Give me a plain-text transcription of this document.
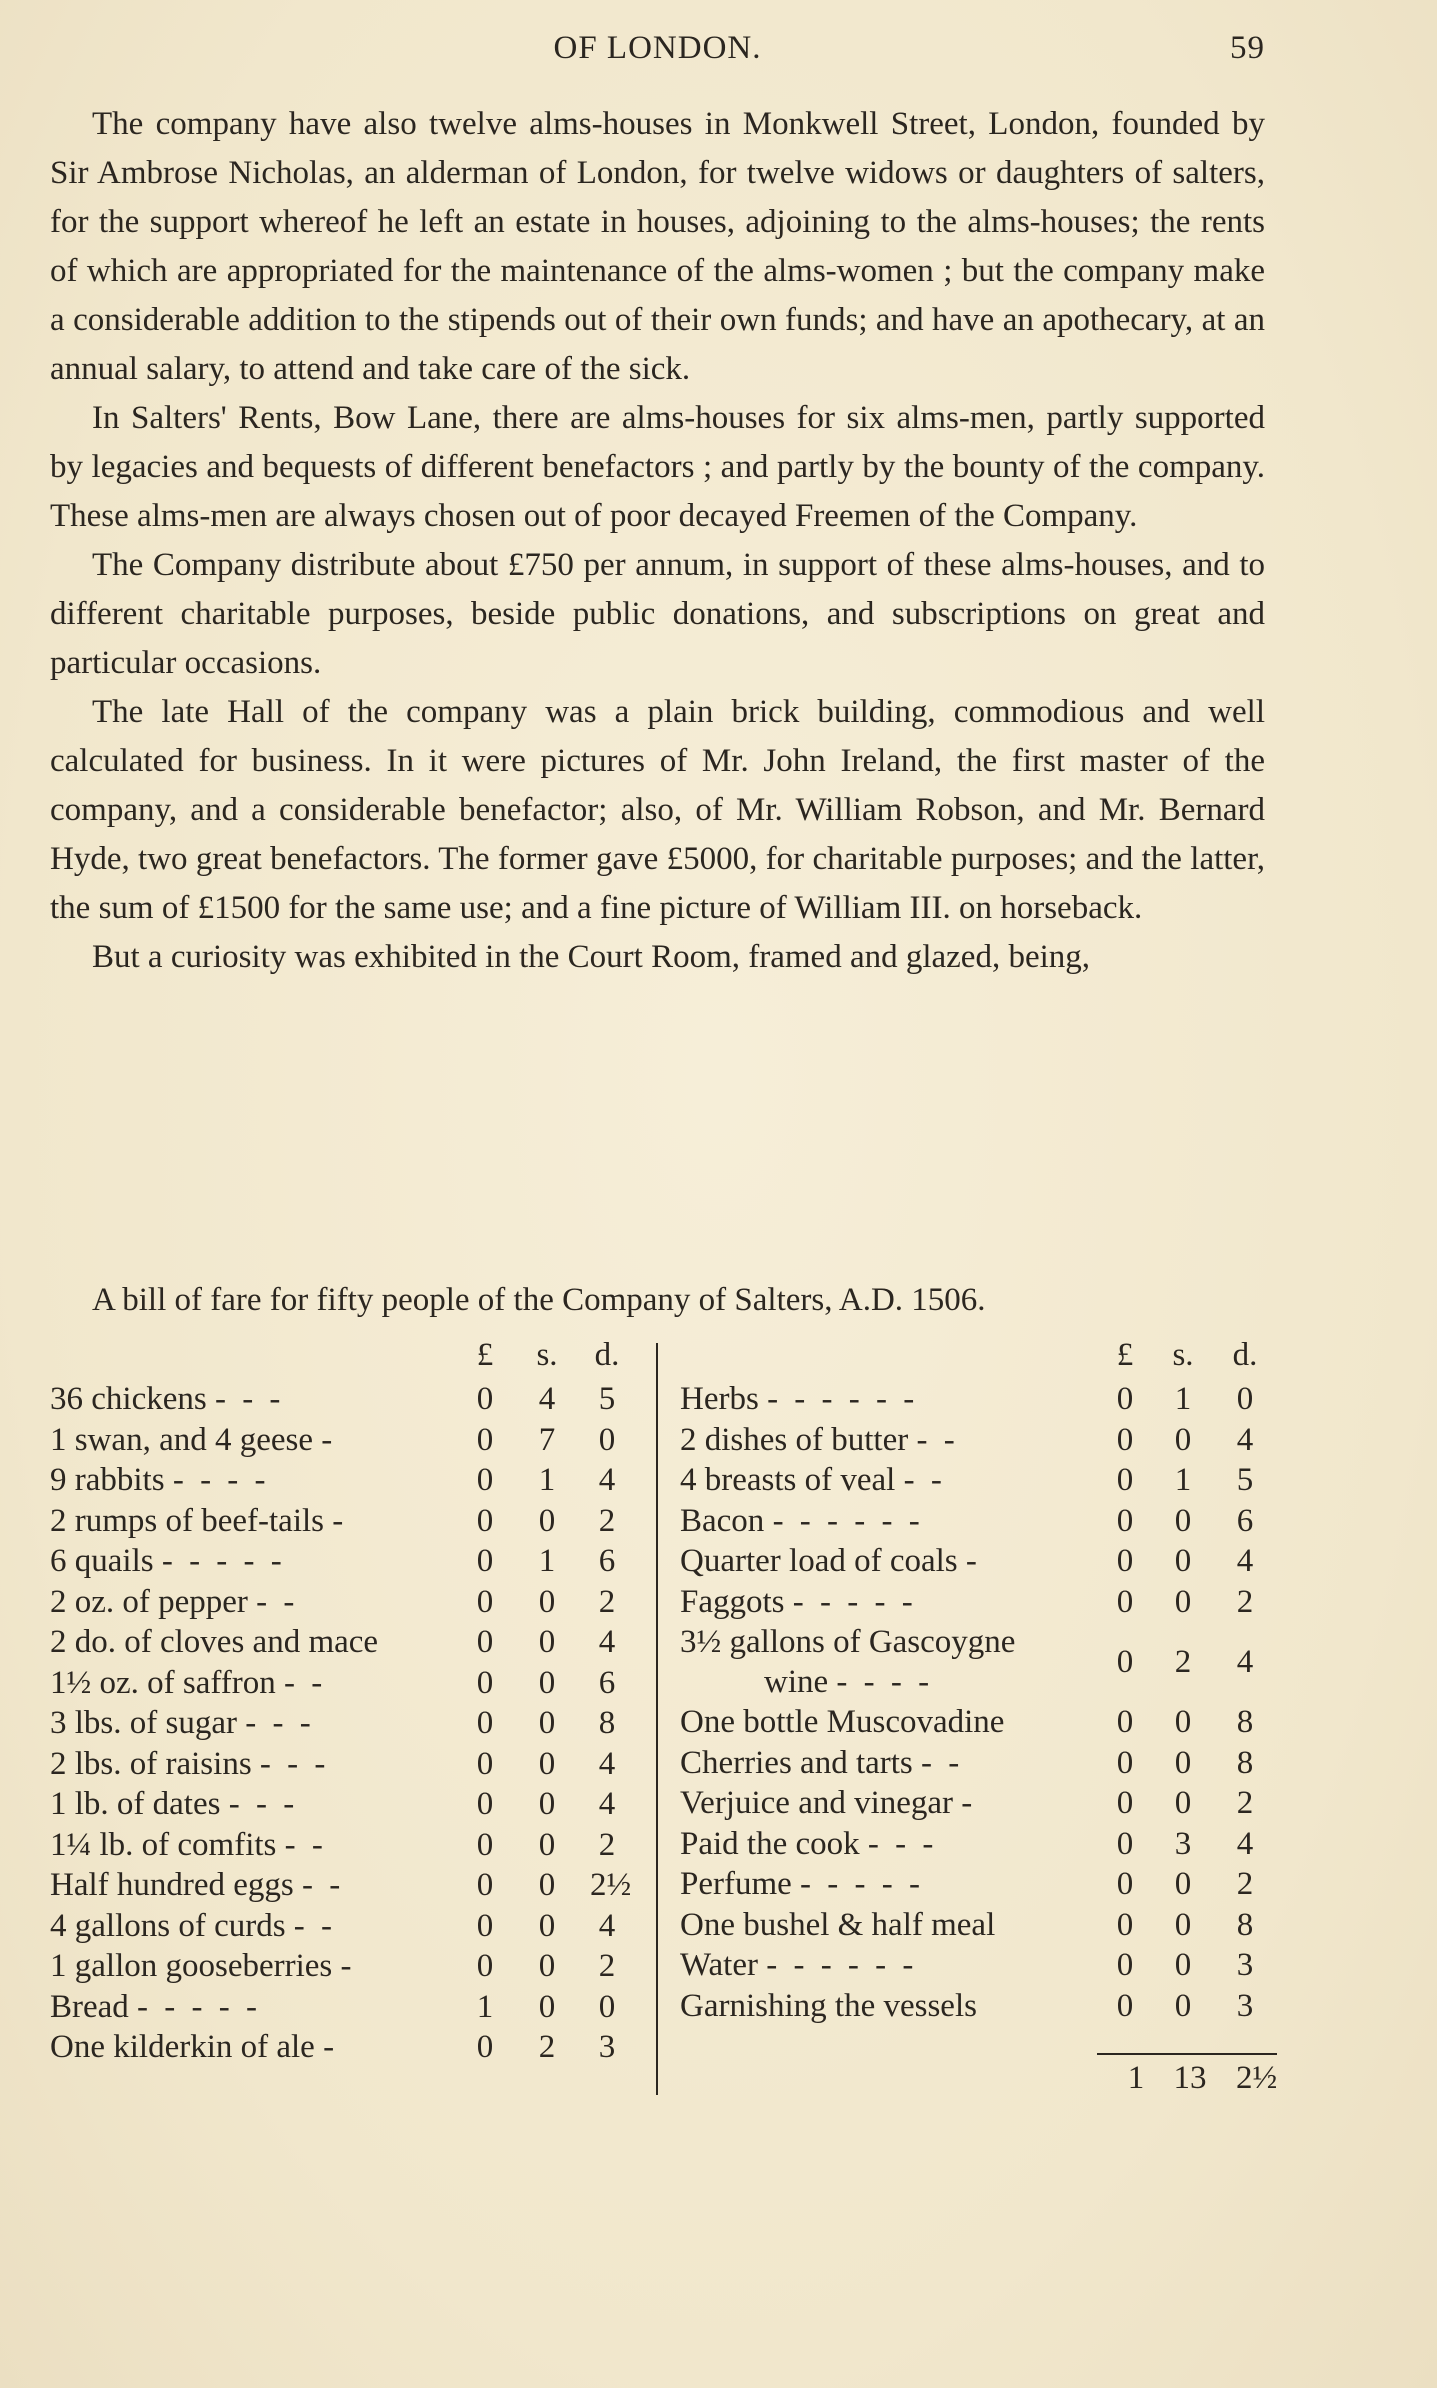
OF LONDON.	59

The company have also twelve alms-houses in Monkwell Street, London, founded by Sir Ambrose Nicholas, an alderman of London, for twelve widows or daughters of salters, for the support whereof he left an estate in houses, adjoining to the alms-houses; the rents of which are appropriated for the maintenance of the alms-women ; but the company make a considerable addition to the stipends out of their own funds; and have an apothecary, at an annual salary, to attend and take care of the sick.

In Salters' Rents, Bow Lane, there are alms-houses for six alms-men, partly supported by legacies and bequests of different benefactors ; and partly by the bounty of the company. These alms-men are always chosen out of poor decayed Freemen of the Company.

The Company distribute about £750 per annum, in support of these alms-houses, and to different charitable purposes, beside public donations, and subscriptions on great and particular occasions.

The late Hall of the company was a plain brick building, commodious and well calculated for business. In it were pictures of Mr. John Ireland, the first master of the company, and a considerable benefactor; also, of Mr. William Robson, and Mr. Bernard Hyde, two great benefactors. The former gave £5000, for charitable purposes; and the latter, the sum of £1500 for the same use; and a fine picture of William III. on horseback.

But a curiosity was exhibited in the Court Room, framed and glazed, being,

A bill of fare for fifty people of the Company of Salters, A.D. 1506.
£ s. d.
36 chickens - - -	0 4 5
1 swan, and 4 geese -	0 7 0
9 rabbits - - - -	0 1 4
2 rumps of beef-tails -	0 0 2
6 quails - - - - -	0 1 6
2 oz. of pepper - -	0 0 2
2 do. of cloves and mace	0 0 4
1½ oz. of saffron - -	0 0 6
3 lbs. of sugar - - -	0 0 8
2 lbs. of raisins - - -	0 0 4
1 lb. of dates - - -	0 0 4
1¼ lb. of comfits - -	0 0 2
Half hundred eggs - -	0 0 2½
4 gallons of curds - -	0 0 4
1 gallon gooseberries -	0 0 2
Bread - - - - -	1 0 0
One kilderkin of ale -	0 2 3
£ s. d.
Herbs - - - - - -	0 1 0
2 dishes of butter - -	0 0 4
4 breasts of veal - -	0 1 5
Bacon - - - - - -	0 0 6
Quarter load of coals -	0 0 4
Faggots - - - - -	0 0 2
3½ gallons of Gascoygne
wine - - - -
0 2 4
One bottle Muscovadine	0 0 8
Cherries and tarts - -	0 0 8
Verjuice and vinegar -	0 0 2
Paid the cook - - -	0 3 4
Perfume - - - - -	0 0 2
One bushel & half meal	0 0 8
Water - - - - - -	0 0 3
Garnishing the vessels	0 0 3
1 13 2½
